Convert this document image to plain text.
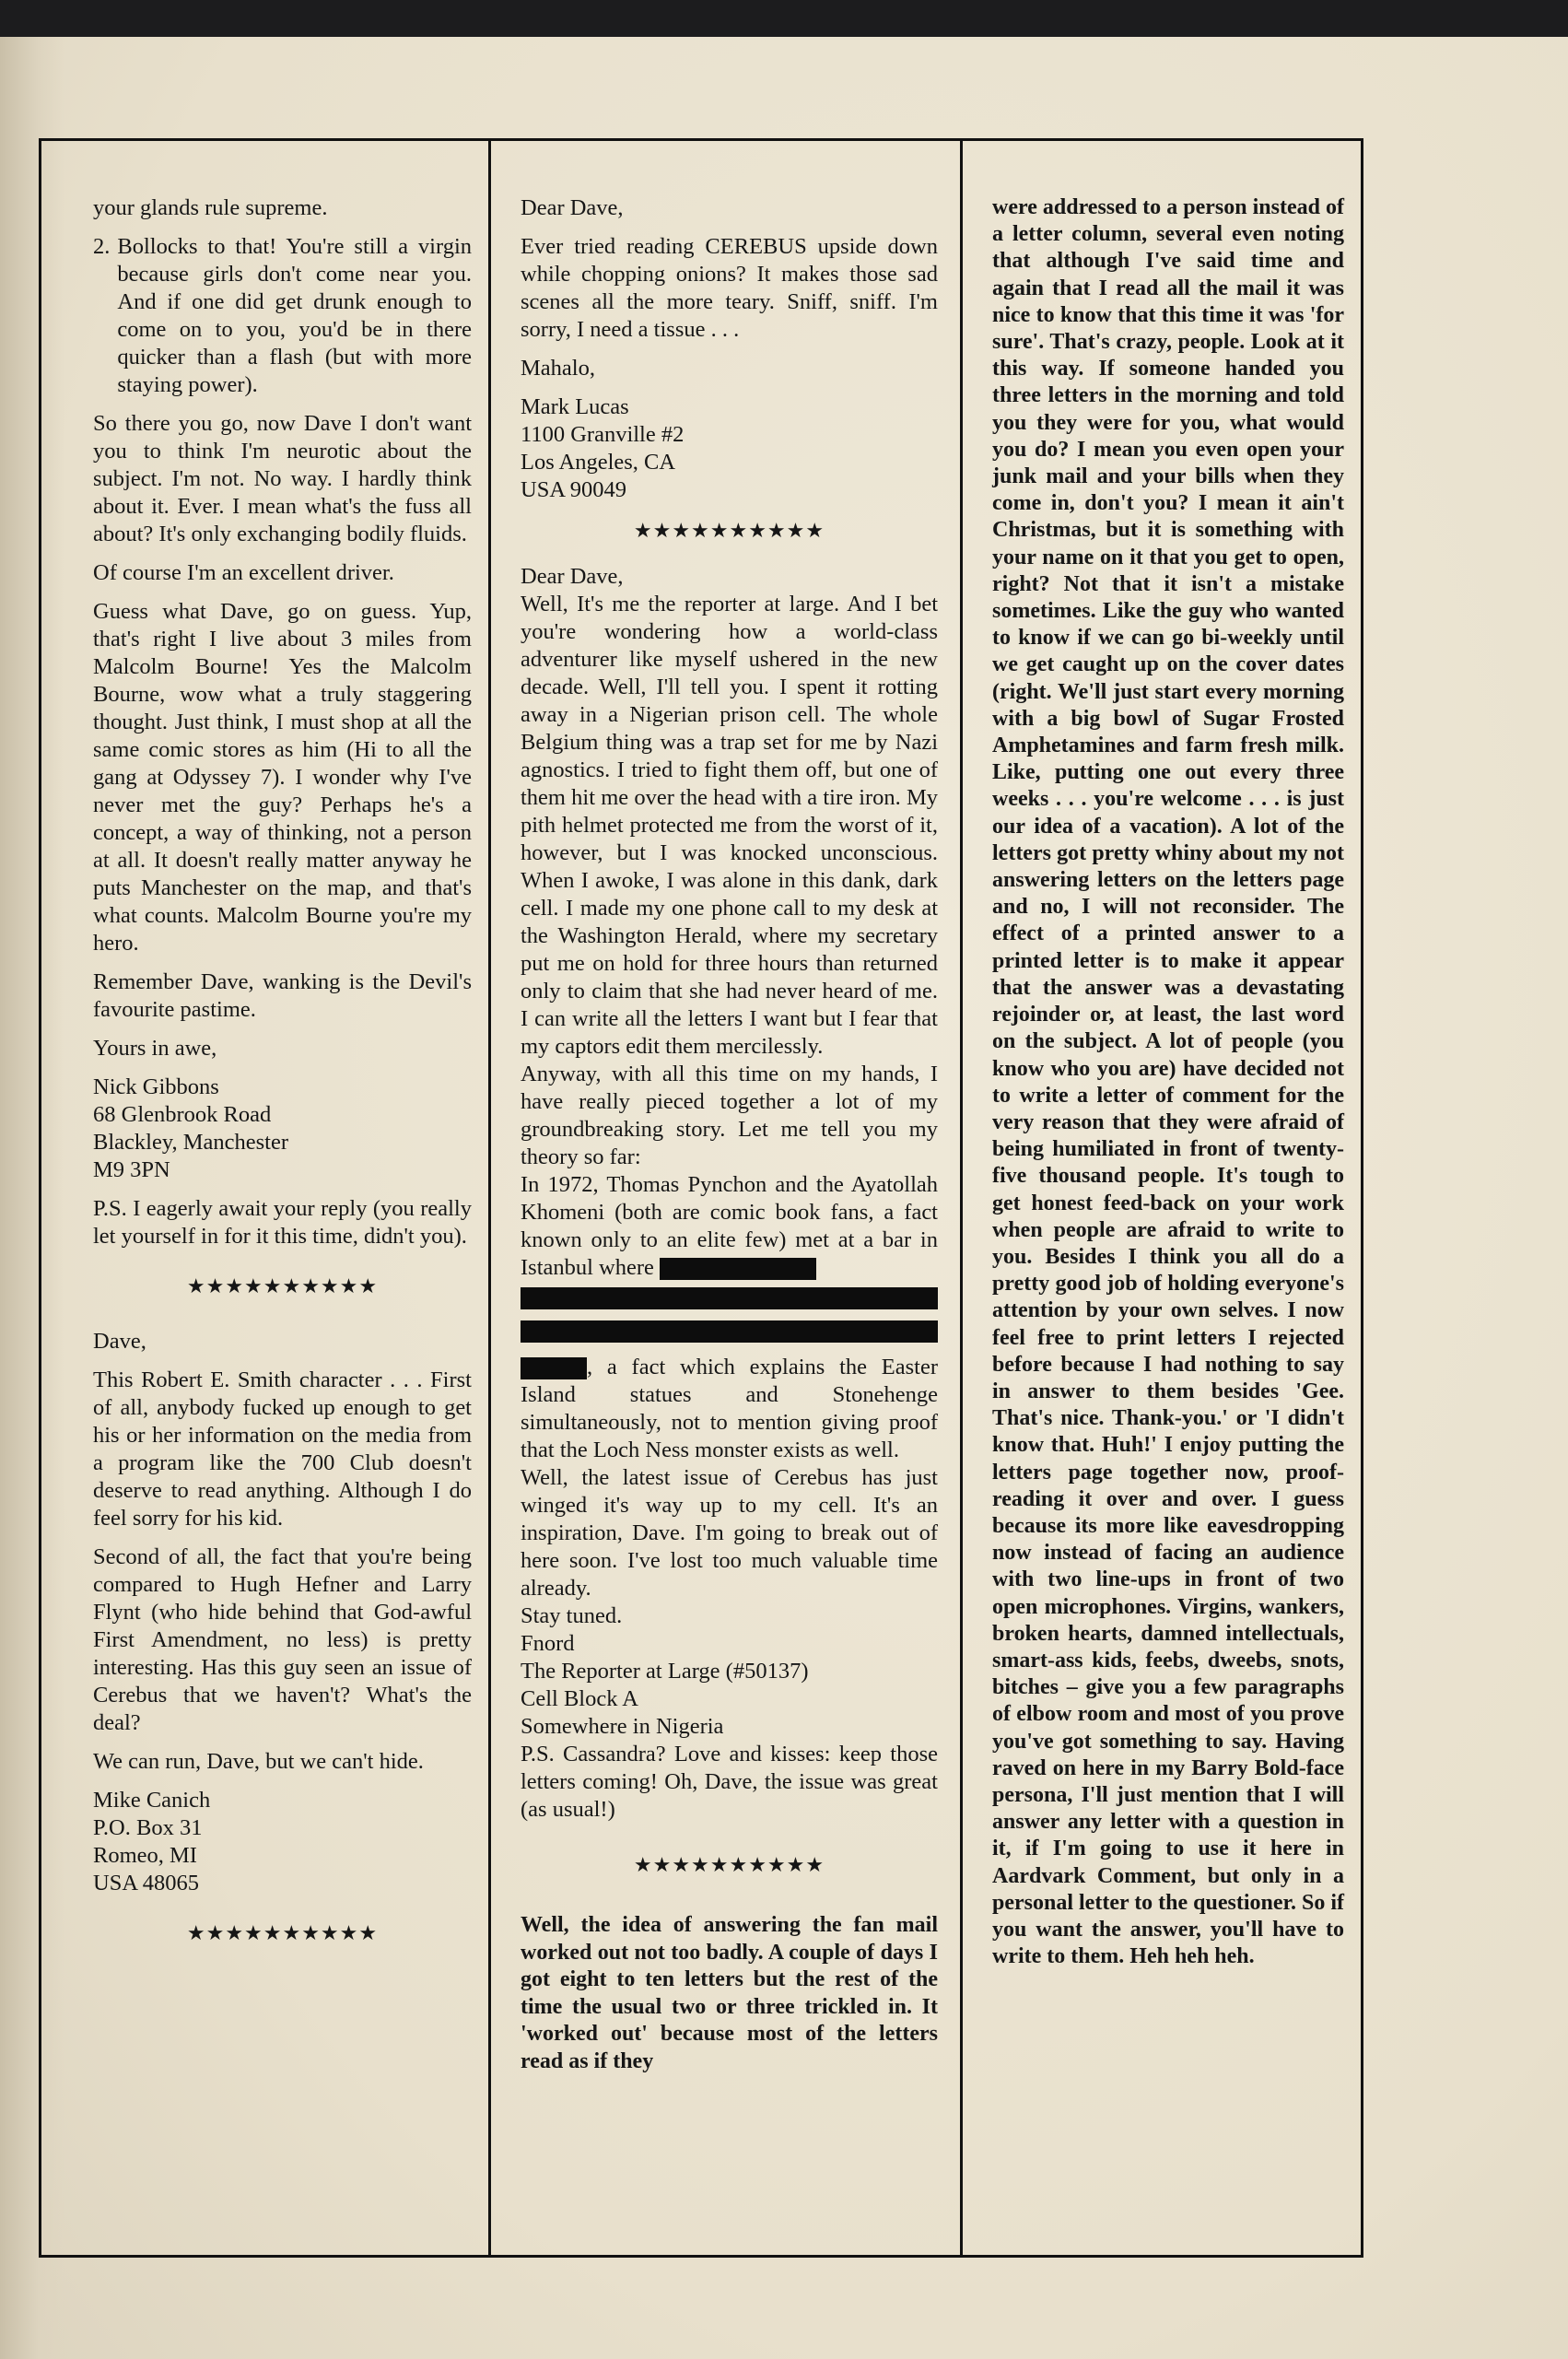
your glands rule supreme.

2. Bollocks to that! You're still a virgin because girls don't come near you. And if one did get drunk enough to come on to you, you'd be in there quicker than a flash (but with more staying power).

So there you go, now Dave I don't want you to think I'm neurotic about the subject. I'm not. No way. I hardly think about it. Ever. I mean what's the fuss all about? It's only exchanging bodily fluids.

Of course I'm an excellent driver.

Guess what Dave, go on guess. Yup, that's right I live about 3 miles from Malcolm Bourne! Yes the Malcolm Bourne, wow what a truly staggering thought. Just think, I must shop at all the same comic stores as him (Hi to all the gang at Odyssey 7). I wonder why I've never met the guy? Perhaps he's a concept, a way of thinking, not a person at all. It doesn't really matter anyway he puts Manchester on the map, and that's what counts. Malcolm Bourne you're my hero.

Remember Dave, wanking is the Devil's favourite pastime.

Yours in awe,

Nick Gibbons
68 Glenbrook Road
Blackley, Manchester
M9 3PN

P.S. I eagerly await your reply (you really let yourself in for it this time, didn't you).

★★★★★★★★★★

Dave,

This Robert E. Smith character . . . First of all, anybody fucked up enough to get his or her information on the media from a program like the 700 Club doesn't deserve to read anything. Although I do feel sorry for his kid.

Second of all, the fact that you're being compared to Hugh Hefner and Larry Flynt (who hide behind that God-awful First Amendment, no less) is pretty interesting. Has this guy seen an issue of Cerebus that we haven't? What's the deal?

We can run, Dave, but we can't hide.

Mike Canich
P.O. Box 31
Romeo, MI
USA 48065
★★★★★★★★★★

Dear Dave,

Ever tried reading CEREBUS upside down while chopping onions? It makes those sad scenes all the more teary. Sniff, sniff. I'm sorry, I need a tissue . . .

Mahalo,

Mark Lucas
1100 Granville #2
Los Angeles, CA
USA 90049
★★★★★★★★★★

Dear Dave,

Well, It's me the reporter at large. And I bet you're wondering how a world-class adventurer like myself ushered in the new decade. Well, I'll tell you. I spent it rotting away in a Nigerian prison cell. The whole Belgium thing was a trap set for me by Nazi agnostics. I tried to fight them off, but one of them hit me over the head with a tire iron. My pith helmet protected me from the worst of it, however, but I was knocked unconscious. When I awoke, I was alone in this dank, dark cell. I made my one phone call to my desk at the Washington Herald, where my secretary put me on hold for three hours than returned only to claim that she had never heard of me. I can write all the letters I want but I fear that my captors edit them mercilessly.

Anyway, with all this time on my hands, I have really pieced together a lot of my groundbreaking story. Let me tell you my theory so far:

In 1972, Thomas Pynchon and the Ayatollah Khomeni (both are comic book fans, a fact known only to an elite few) met at a bar in Istanbul where

, a fact which explains the Easter Island statues and Stonehenge simultaneously, not to mention giving proof that the Loch Ness monster exists as well.

Well, the latest issue of Cerebus has just winged it's way up to my cell. It's an inspiration, Dave. I'm going to break out of here soon. I've lost too much valuable time already.

Stay tuned.
Fnord
The Reporter at Large (#50137)
Cell Block A
Somewhere in Nigeria

P.S. Cassandra? Love and kisses: keep those letters coming! Oh, Dave, the issue was great (as usual!)

★★★★★★★★★★

Well, the idea of answering the fan mail worked out not too badly. A couple of days I got eight to ten letters but the rest of the time the usual two or three trickled in. It 'worked out' because most of the letters read as if they

were addressed to a person instead of a letter column, several even noting that although I've said time and again that I read all the mail it was nice to know that this time it was 'for sure'. That's crazy, people. Look at it this way. If someone handed you three letters in the morning and told you they were for you, what would you do? I mean you even open your junk mail and your bills when they come in, don't you? I mean it ain't Christmas, but it is something with your name on it that you get to open, right? Not that it isn't a mistake sometimes. Like the guy who wanted to know if we can go bi-weekly until we get caught up on the cover dates (right. We'll just start every morning with a big bowl of Sugar Frosted Amphetamines and farm fresh milk. Like, putting one out every three weeks . . . you're welcome . . . is just our idea of a vacation). A lot of the letters got pretty whiny about my not answering letters on the letters page and no, I will not reconsider. The effect of a printed answer to a printed letter is to make it appear that the answer was a devastating rejoinder or, at least, the last word on the subject. A lot of people (you know who you are) have decided not to write a letter of comment for the very reason that they were afraid of being humiliated in front of twenty-five thousand people. It's tough to get honest feed-back on your work when people are afraid to write to you. Besides I think you all do a pretty good job of holding everyone's attention by your own selves. I now feel free to print letters I rejected before because I had nothing to say in answer to them besides 'Gee. That's nice. Thank-you.' or 'I didn't know that. Huh!' I enjoy putting the letters page together now, proof-reading it over and over. I guess because its more like eavesdropping now instead of facing an audience with two line-ups in front of two open microphones. Virgins, wankers, broken hearts, damned intellectuals, smart-ass kids, feebs, dweebs, snots, bitches – give you a few paragraphs of elbow room and most of you prove you've got something to say. Having raved on here in my Barry Bold-face persona, I'll just mention that I will answer any letter with a question in it, if I'm going to use it here in Aardvark Comment, but only in a personal letter to the questioner. So if you want the answer, you'll have to write to them. Heh heh heh.
